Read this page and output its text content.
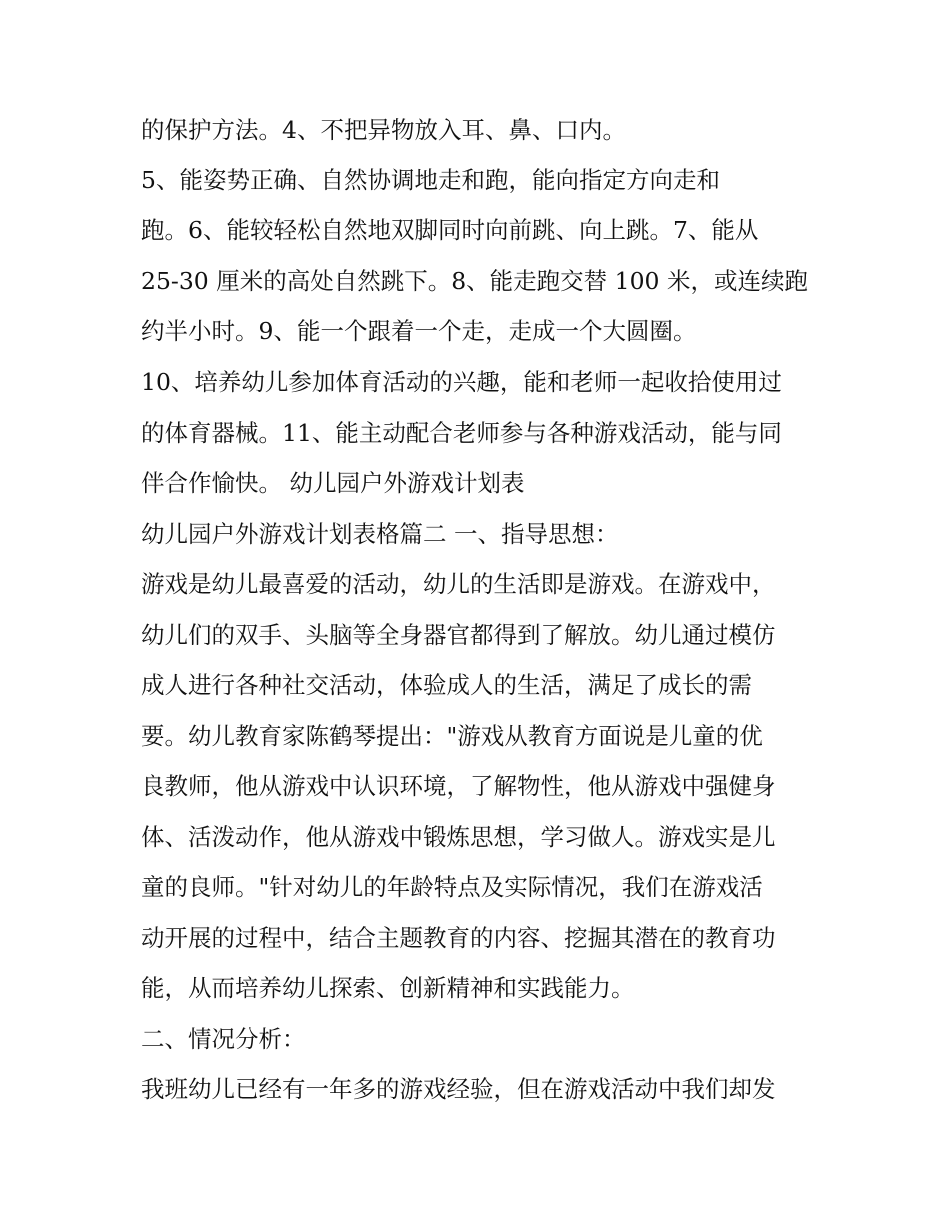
的保护方法。4、不把异物放入耳、鼻、口内。
5、能姿势正确、自然协调地走和跑，能向指定方向走和
跑。6、能较轻松自然地双脚同时向前跳、向上跳。7、能从
25-30 厘米的高处自然跳下。8、能走跑交替 100 米，或连续跑
约半小时。9、能一个跟着一个走，走成一个大圆圈。
10、培养幼儿参加体育活动的兴趣，能和老师一起收拾使用过
的体育器械。11、能主动配合老师参与各种游戏活动，能与同
伴合作愉快。 幼儿园户外游戏计划表
幼儿园户外游戏计划表格篇二 一、指导思想：
游戏是幼儿最喜爱的活动，幼儿的生活即是游戏。在游戏中，
幼儿们的双手、头脑等全身器官都得到了解放。幼儿通过模仿
成人进行各种社交活动，体验成人的生活，满足了成长的需
要。幼儿教育家陈鹤琴提出："游戏从教育方面说是儿童的优
良教师，他从游戏中认识环境，了解物性，他从游戏中强健身
体、活泼动作，他从游戏中锻炼思想，学习做人。游戏实是儿
童的良师。"针对幼儿的年龄特点及实际情况，我们在游戏活
动开展的过程中，结合主题教育的内容、挖掘其潜在的教育功
能，从而培养幼儿探索、创新精神和实践能力。
二、情况分析：
我班幼儿已经有一年多的游戏经验，但在游戏活动中我们却发
